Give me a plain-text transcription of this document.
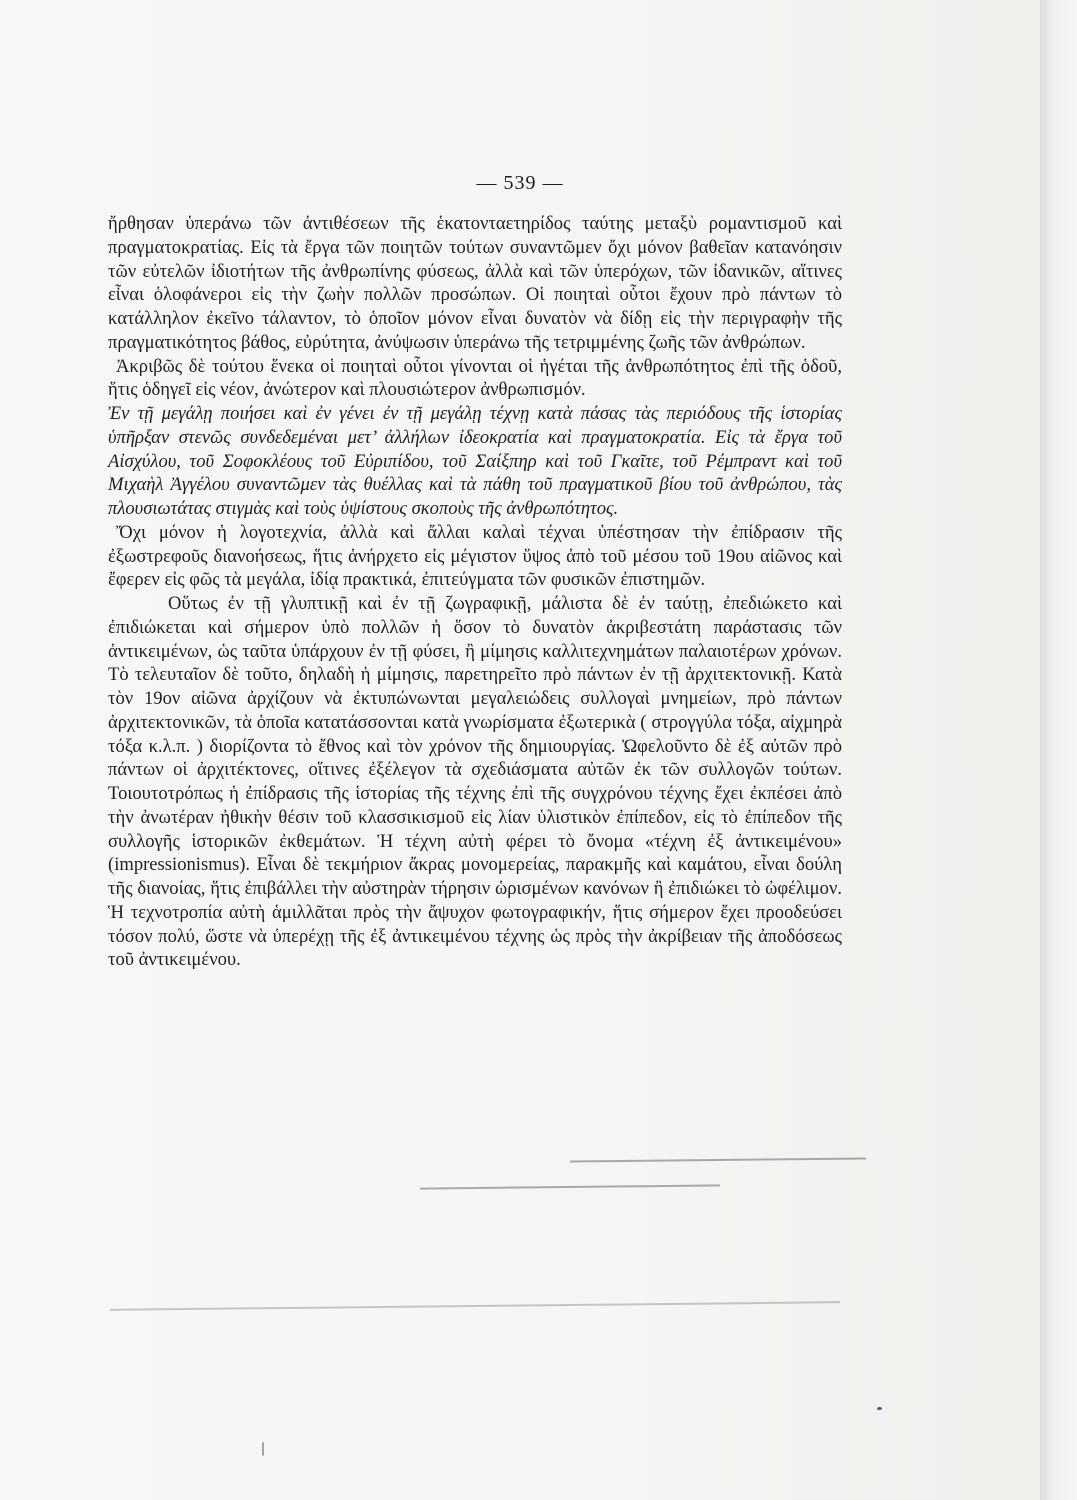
— 539 —

ἤρθησαν ὑπεράνω τῶν ἀντιθέσεων τῆς ἑκατονταετηρίδος ταύτης μεταξὺ ρομαντισμοῦ καὶ πραγματοκρατίας. Εἰς τὰ ἔργα τῶν ποιητῶν τούτων συναντῶμεν ὄχι μόνον βαθεῖαν κατανόησιν τῶν εὐτελῶν ἰδιοτήτων τῆς ἀνθρωπίνης φύσεως, ἀλλὰ καὶ τῶν ὑπερόχων, τῶν ἰδανικῶν, αἵτινες εἶναι ὁλοφάνεροι εἰς τὴν ζωὴν πολλῶν προσώπων. Οἱ ποιηταὶ οὗτοι ἔχουν πρὸ πάντων τὸ κατάλληλον ἐκεῖνο τάλαντον, τὸ ὁποῖον μόνον εἶναι δυνατὸν νὰ δίδῃ εἰς τὴν περιγραφὴν τῆς πραγματικότητος βάθος, εὐρύτητα, ἀνύψωσιν ὑπεράνω τῆς τετριμμένης ζωῆς τῶν ἀνθρώπων.

Ἀκριβῶς δὲ τούτου ἕνεκα οἱ ποιηταὶ οὗτοι γίνονται οἱ ἡγέται τῆς ἀνθρωπότητος ἐπὶ τῆς ὁδοῦ, ἥτις ὁδηγεῖ εἰς νέον, ἀνώτερον καὶ πλουσιώτερον ἀνθρωπισμόν.

Ἐν τῇ μεγάλῃ ποιήσει καὶ ἐν γένει ἐν τῇ μεγάλῃ τέχνῃ κατὰ πάσας τὰς περιόδους τῆς ἱστορίας ὑπῆρξαν στενῶς συνδεδεμέναι μετ’ ἀλλήλων ἰδεοκρατία καὶ πραγματοκρατία. Εἰς τὰ ἔργα τοῦ Αἰσχύλου, τοῦ Σοφοκλέους τοῦ Εὐριπίδου, τοῦ Σαίξπηρ καὶ τοῦ Γκαῖτε, τοῦ Ρέμπραντ καὶ τοῦ Μιχαὴλ Ἀγγέλου συναντῶμεν τὰς θυέλλας καὶ τὰ πάθη τοῦ πραγματικοῦ βίου τοῦ ἀνθρώπου, τὰς πλουσιωτάτας στιγμὰς καὶ τοὺς ὑψίστους σκοποὺς τῆς ἀνθρωπότητος.

Ὄχι μόνον ἡ λογοτεχνία, ἀλλὰ καὶ ἄλλαι καλαὶ τέχναι ὑπέστησαν τὴν ἐπίδρασιν τῆς ἐξωστρεφοῦς διανοήσεως, ἥτις ἀνήρχετο εἰς μέγιστον ὕψος ἀπὸ τοῦ μέσου τοῦ 19ου αἰῶνος καὶ ἔφερεν εἰς φῶς τὰ μεγάλα, ἰδίᾳ πρακτικά, ἐπιτεύγματα τῶν φυσικῶν ἐπιστημῶν.

Οὕτως ἐν τῇ γλυπτικῇ καὶ ἐν τῇ ζωγραφικῇ, μάλιστα δὲ ἐν ταύτῃ, ἐπεδιώκετο καὶ ἐπιδιώκεται καὶ σήμερον ὑπὸ πολλῶν ἡ ὅσον τὸ δυνατὸν ἀκριβεστάτη παράστασις τῶν ἀντικειμένων, ὡς ταῦτα ὑπάρχουν ἐν τῇ φύσει, ἢ μίμησις καλλιτεχνημάτων παλαιοτέρων χρόνων. Τὸ τελευταῖον δὲ τοῦτο, δηλαδὴ ἡ μίμησις, παρετηρεῖτο πρὸ πάντων ἐν τῇ ἀρχιτεκτονικῇ. Κατὰ τὸν 19ον αἰῶνα ἀρχίζουν νὰ ἐκτυπώνωνται μεγαλειώδεις συλλογαὶ μνημείων, πρὸ πάντων ἀρχιτεκτονικῶν, τὰ ὁποῖα κατατάσσονται κατὰ γνωρίσματα ἐξωτερικὰ ( στρογγύλα τόξα, αἰχμηρὰ τόξα κ.λ.π. ) διορίζοντα τὸ ἔθνος καὶ τὸν χρόνον τῆς δημιουργίας. Ὠφελοῦντο δὲ ἐξ αὐτῶν πρὸ πάντων οἱ ἀρχιτέκτονες, οἵτινες ἐξέλεγον τὰ σχεδιάσματα αὐτῶν ἐκ τῶν συλλογῶν τούτων. Τοιουτοτρόπως ἡ ἐπίδρασις τῆς ἱστορίας τῆς τέχνης ἐπὶ τῆς συγχρόνου τέχνης ἔχει ἐκπέσει ἀπὸ τὴν ἀνωτέραν ἠθικὴν θέσιν τοῦ κλασσικισμοῦ εἰς λίαν ὑλιστικὸν ἐπίπεδον, εἰς τὸ ἐπίπεδον τῆς συλλογῆς ἱστορικῶν ἐκθεμάτων. Ἡ τέχνη αὐτὴ φέρει τὸ ὄνομα «τέχνη ἐξ ἀντικειμένου» (impressionismus). Εἶναι δὲ τεκμήριον ἄκρας μονομερείας, παρακμῆς καὶ καμάτου, εἶναι δούλη τῆς διανοίας, ἥτις ἐπιβάλλει τὴν αὐστηρὰν τήρησιν ὡρισμένων κανόνων ἢ ἐπιδιώκει τὸ ὠφέλιμον. Ἡ τεχνοτροπία αὐτὴ ἁμιλλᾶται πρὸς τὴν ἄψυχον φωτογραφικήν, ἥτις σήμερον ἔχει προοδεύσει τόσον πολύ, ὥστε νὰ ὑπερέχῃ τῆς ἐξ ἀντικειμένου τέχνης ὡς πρὸς τὴν ἀκρίβειαν τῆς ἀποδόσεως τοῦ ἀντικειμένου.
